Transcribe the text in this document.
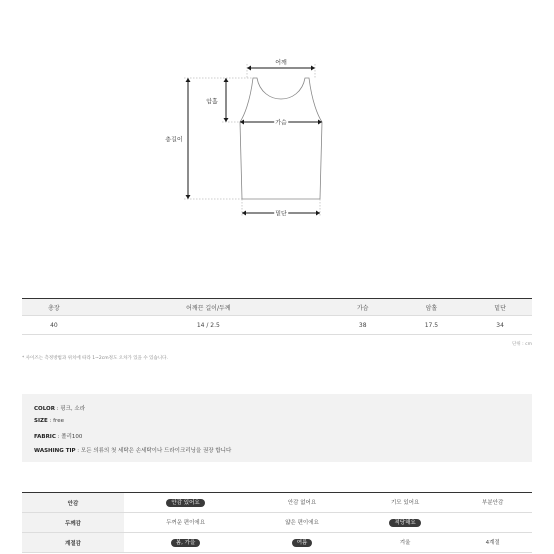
어깨
암홀
총길이
가슴
밑단
총장	어깨끈 길이/두께	가슴	암홀	밑단
40	14 / 2.5	38	17.5	34
단위 : cm
* 사이즈는 측정방법과 위치에 따라 1~2cm정도 오차가 있을 수 있습니다.
COLOR : 핑크, 소라
SIZE : free
FABRIC : 폴리100
WASHING TIP : 모든 의류의 첫 세탁은 손세탁이나 드라이크리닝을 권장 합니다
안감	안감 있어요	안감 없어요	기모 있어요	부분안감
두께감	두꺼운 편이에요	얇은 편이에요	적당해요	
계절감	봄, 가을	여름	겨울	4계절
